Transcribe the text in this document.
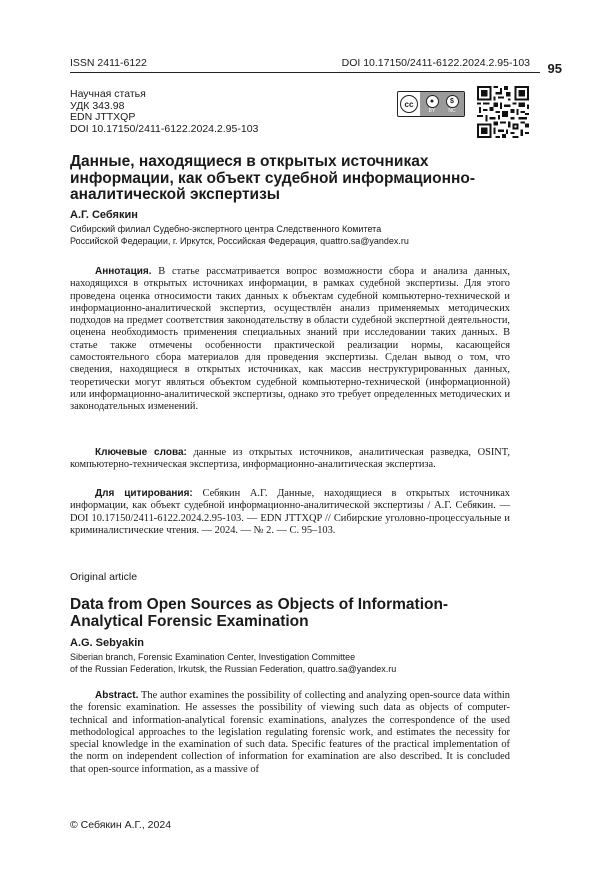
ISSN 2411-6122	DOI 10.17150/2411-6122.2024.2.95-103 95
Научная статья
УДК 343.98
EDN JTTXQP
DOI 10.17150/2411-6122.2024.2.95-103
cc	●
BY
$
NC
Данные, находящиеся в открытых источниках информации, как объект судебной информационно-аналитической экспертизы
А.Г. Себякин
Сибирский филиал Судебно-экспертного центра Следственного Комитета
Российской Федерации, г. Иркутск, Российская Федерация, quattro.sa@yandex.ru
Аннотация. В статье рассматривается вопрос возможности сбора и анализа данных, находящихся в открытых источниках информации, в рамках судебной экспертизы. Для этого проведена оценка относимости таких данных к объектам судебной компьютерно-технической и информационно-аналитической экспертиз, осуществлён анализ применяемых методических подходов на предмет соответствия законодательству в области судебной экспертной деятельности, оценена необходимость применения специальных знаний при исследовании таких данных. В статье также отмечены особенности практической реализации нормы, касающейся самостоятельного сбора материалов для проведения экспертизы. Сделан вывод о том, что сведения, находящиеся в открытых источниках, как массив неструктурированных данных, теоретически могут являться объектом судебной компьютерно-технической (информационной) или информационно-аналитической экспертизы, однако это требует определенных методических и законодательных изменений.
Ключевые слова: данные из открытых источников, аналитическая разведка, OSINT, компьютерно-техническая экспертиза, информационно-аналитическая экспертиза.
Для цитирования: Себякин А.Г. Данные, находящиеся в открытых источниках информации, как объект судебной информационно-аналитической экспертизы / А.Г. Себякин. — DOI 10.17150/2411-6122.2024.2.95-103. — EDN JTTXQP // Сибирские уголовно-процессуальные и криминалистические чтения. — 2024. — № 2. — С. 95–103.
Original article
Data from Open Sources as Objects of Information-Analytical Forensic Examination
A.G. Sebyakin
Siberian branch, Forensic Examination Center, Investigation Committee
of the Russian Federation, Irkutsk, the Russian Federation, quattro.sa@yandex.ru
Abstract. The author examines the possibility of collecting and analyzing open-source data within the forensic examination. He assesses the possibility of viewing such data as objects of computer-technical and information-analytical forensic examinations, analyzes the correspondence of the used methodological approaches to the legislation regulating forensic work, and estimates the necessity for special knowledge in the examination of such data. Specific features of the practical implementation of the norm on independent collection of information for examination are also described. It is concluded that open-source information, as a massive of
© Себякин А.Г., 2024
